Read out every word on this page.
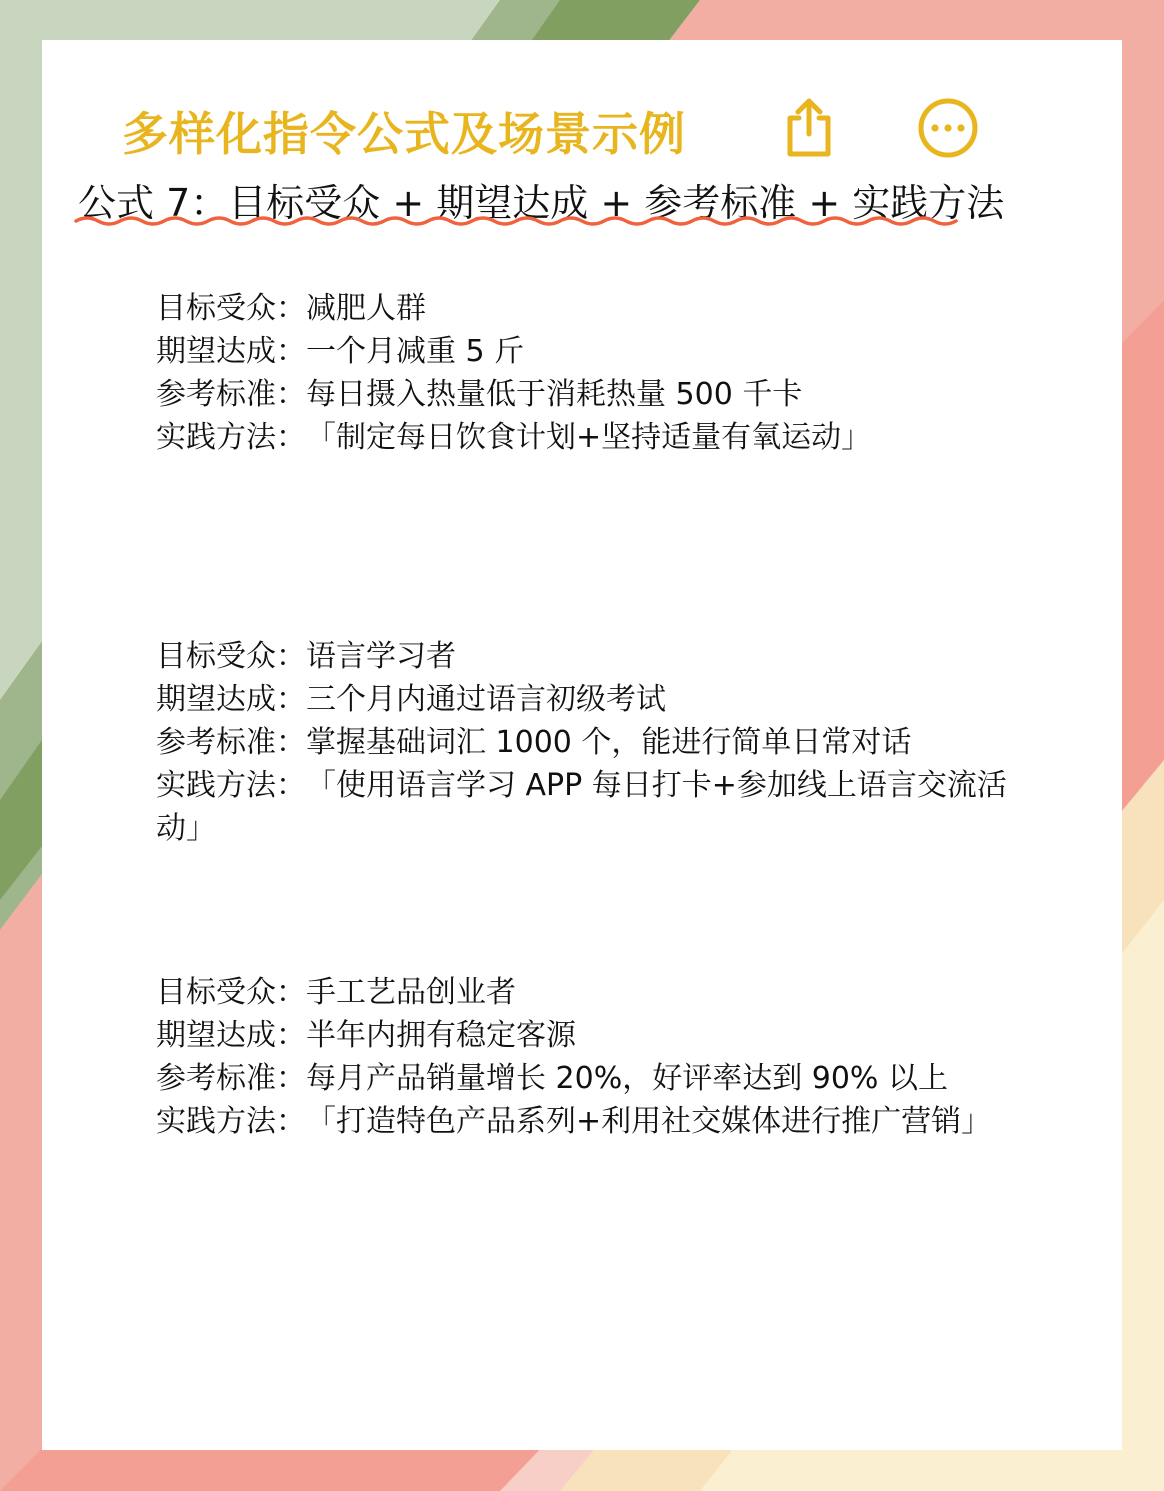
多样化指令公式及场景示例
公式 7：目标受众 + 期望达成 + 参考标准 + 实践方法
目标受众： 减肥人群
期望达成： 一个月减重 5 斤
参考标准： 每日摄入热量低于消耗热量 500 千卡
实践方法： 「制定每日饮食计划+坚持适量有氧运动」
目标受众： 语言学习者
期望达成： 三个月内通过语言初级考试
参考标准： 掌握基础词汇 1000 个，能进行简单日常对话
实践方法： 「使用语言学习 APP 每日打卡+参加线上语言交流活
动」
目标受众： 手工艺品创业者
期望达成： 半年内拥有稳定客源
参考标准： 每月产品销量增长 20%，好评率达到 90% 以上
实践方法： 「打造特色产品系列+利用社交媒体进行推广营销」
